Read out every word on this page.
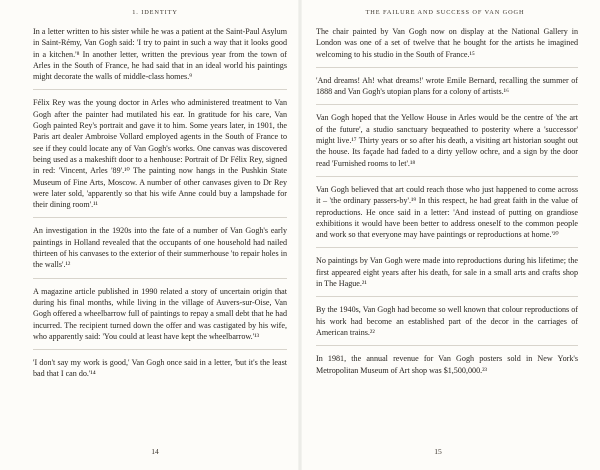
1. IDENTITY

In a letter written to his sister while he was a patient at the Saint-Paul Asylum in Saint-Rémy, Van Gogh said: 'I try to paint in such a way that it looks good in a kitchen.'⁸ In another letter, written the previous year from the town of Arles in the South of France, he had said that in an ideal world his paintings might decorate the walls of middle-class homes.⁹

Félix Rey was the young doctor in Arles who administered treatment to Van Gogh after the painter had mutilated his ear. In gratitude for his care, Van Gogh painted Rey's portrait and gave it to him. Some years later, in 1901, the Paris art dealer Ambroise Vollard employed agents in the South of France to see if they could locate any of Van Gogh's works. One canvas was discovered being used as a makeshift door to a henhouse: Portrait of Dr Félix Rey, signed in red: 'Vincent, Arles '89'.¹⁰ The painting now hangs in the Pushkin State Museum of Fine Arts, Moscow. A number of other canvases given to Dr Rey were later sold, 'apparently so that his wife Anne could buy a lampshade for their dining room'.¹¹

An investigation in the 1920s into the fate of a number of Van Gogh's early paintings in Holland revealed that the occupants of one household had nailed thirteen of his canvases to the exterior of their summerhouse 'to repair holes in the walls'.¹²

A magazine article published in 1990 related a story of uncertain origin that during his final months, while living in the village of Auvers-sur-Oise, Van Gogh offered a wheelbarrow full of paintings to repay a small debt that he had incurred. The recipient turned down the offer and was castigated by his wife, who apparently said: 'You could at least have kept the wheelbarrow.'¹³

'I don't say my work is good,' Van Gogh once said in a letter, 'but it's the least bad that I can do.'¹⁴

14
THE FAILURE AND SUCCESS OF VAN GOGH

The chair painted by Van Gogh now on display at the National Gallery in London was one of a set of twelve that he bought for the artists he imagined welcoming to his studio in the South of France.¹⁵

'And dreams! Ah! what dreams!' wrote Emile Bernard, recalling the summer of 1888 and Van Gogh's utopian plans for a colony of artists.¹⁶

Van Gogh hoped that the Yellow House in Arles would be the centre of 'the art of the future', a studio sanctuary bequeathed to posterity where a 'successor' might live.¹⁷ Thirty years or so after his death, a visiting art historian sought out the house. Its façade had faded to a dirty yellow ochre, and a sign by the door read 'Furnished rooms to let'.¹⁸

Van Gogh believed that art could reach those who just happened to come across it – 'the ordinary passers-by'.¹⁹ In this respect, he had great faith in the value of reproductions. He once said in a letter: 'And instead of putting on grandiose exhibitions it would have been better to address oneself to the common people and work so that everyone may have paintings or reproductions at home.'²⁰

No paintings by Van Gogh were made into reproductions during his lifetime; the first appeared eight years after his death, for sale in a small arts and crafts shop in The Hague.²¹

By the 1940s, Van Gogh had become so well known that colour reproductions of his work had become an established part of the decor in the carriages of American trains.²²

In 1981, the annual revenue for Van Gogh posters sold in New York's Metropolitan Museum of Art shop was $1,500,000.²³

15
